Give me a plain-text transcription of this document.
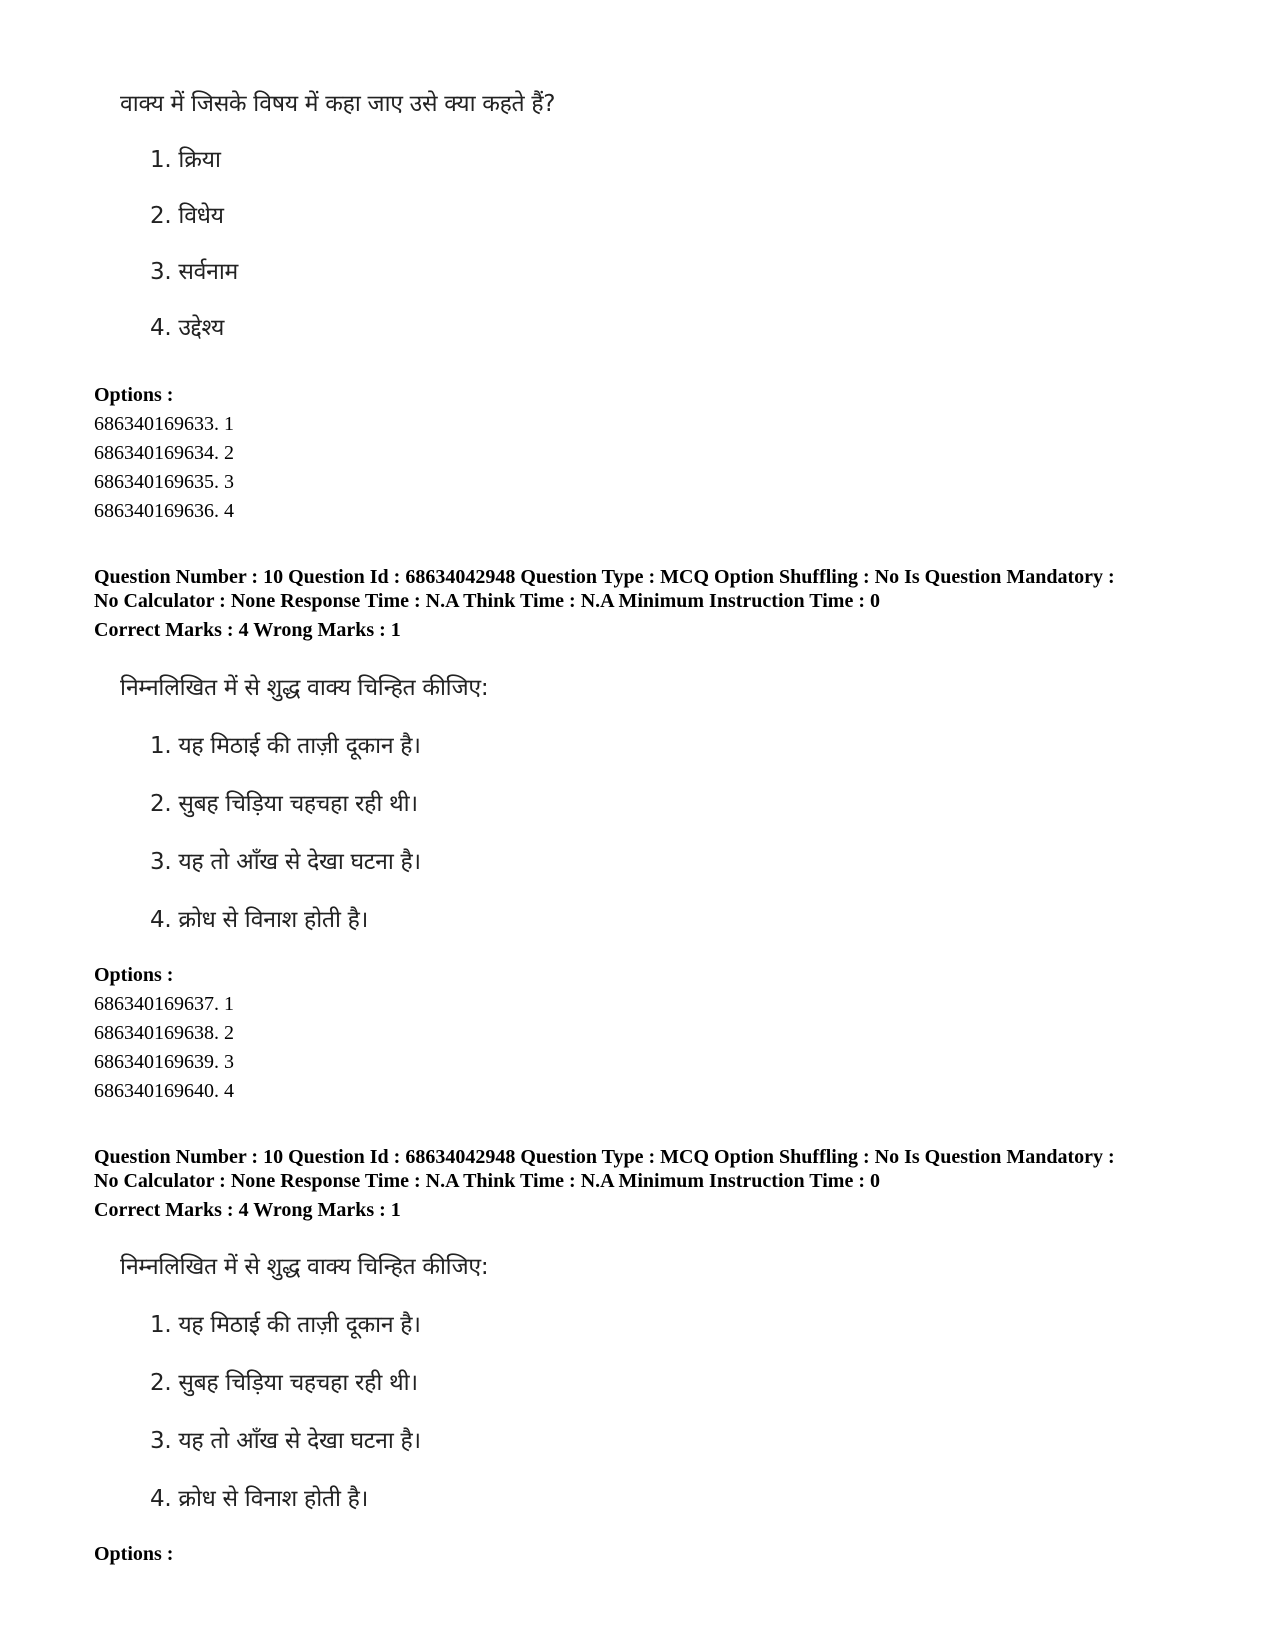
वाक्य में जिसके विषय में कहा जाए उसे क्या कहते हैं?
1. क्रिया
2. विधेय
3. सर्वनाम
4. उद्देश्य
Options :
686340169633. 1
686340169634. 2
686340169635. 3
686340169636. 4
Question Number : 10 Question Id : 68634042948 Question Type : MCQ Option Shuffling : No Is Question Mandatory :
No Calculator : None Response Time : N.A Think Time : N.A Minimum Instruction Time : 0
Correct Marks : 4 Wrong Marks : 1
निम्नलिखित में से शुद्ध वाक्य चिन्हित कीजिए:
1. यह मिठाई की ताज़ी दूकान है।
2. सुबह चिड़िया चहचहा रही थी।
3. यह तो आँख से देखा घटना है।
4. क्रोध से विनाश होती है।
Options :
686340169637. 1
686340169638. 2
686340169639. 3
686340169640. 4
Question Number : 10 Question Id : 68634042948 Question Type : MCQ Option Shuffling : No Is Question Mandatory :
No Calculator : None Response Time : N.A Think Time : N.A Minimum Instruction Time : 0
Correct Marks : 4 Wrong Marks : 1
निम्नलिखित में से शुद्ध वाक्य चिन्हित कीजिए:
1. यह मिठाई की ताज़ी दूकान है।
2. सुबह चिड़िया चहचहा रही थी।
3. यह तो आँख से देखा घटना है।
4. क्रोध से विनाश होती है।
Options :
